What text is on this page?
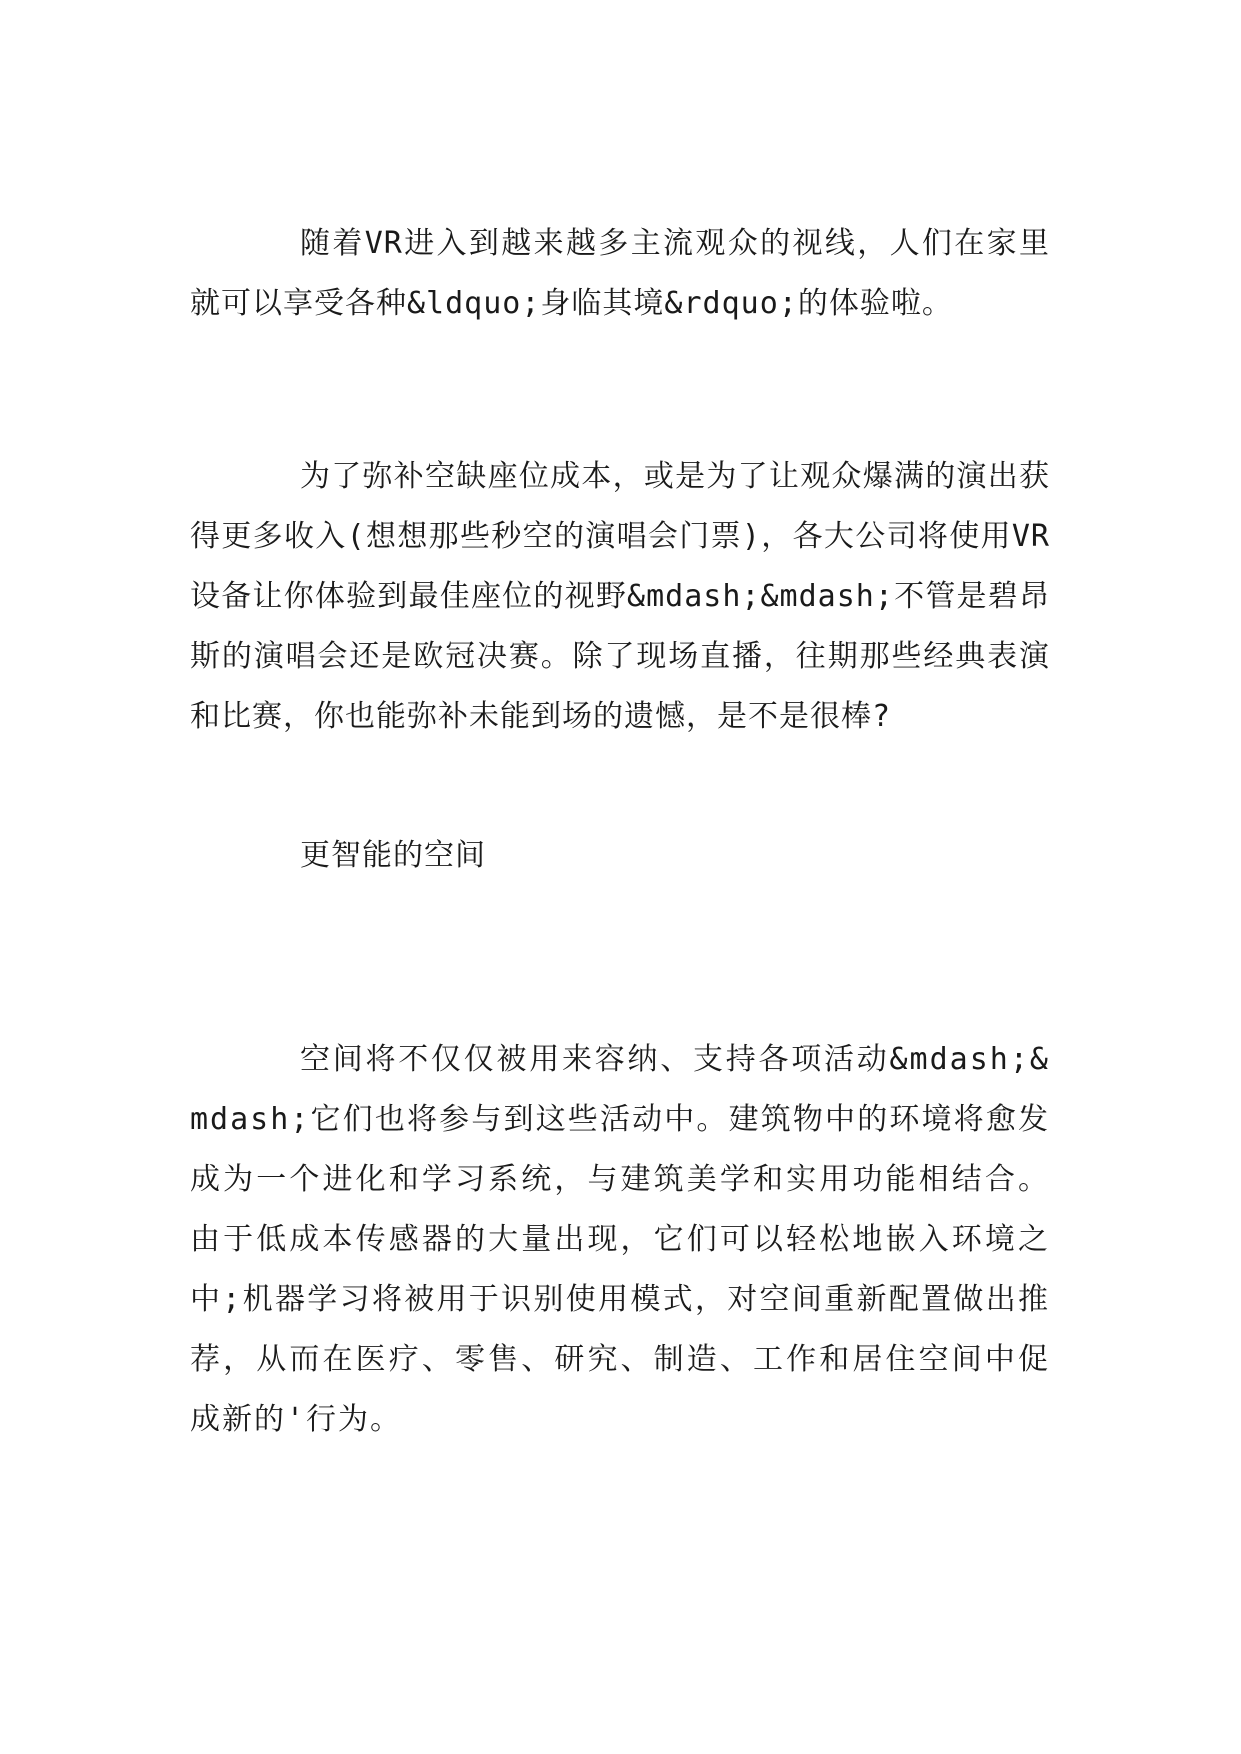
随着VR进入到越来越多主流观众的视线，人们在家里就可以享受各种&ldquo;身临其境&rdquo;的体验啦。

为了弥补空缺座位成本，或是为了让观众爆满的演出获得更多收入(想想那些秒空的演唱会门票)，各大公司将使用VR设备让你体验到最佳座位的视野&mdash;&mdash;不管是碧昂斯的演唱会还是欧冠决赛。除了现场直播，往期那些经典表演和比赛，你也能弥补未能到场的遗憾，是不是很棒?

更智能的空间

空间将不仅仅被用来容纳、支持各项活动&mdash;&mdash;它们也将参与到这些活动中。建筑物中的环境将愈发成为一个进化和学习系统，与建筑美学和实用功能相结合。由于低成本传感器的大量出现，它们可以轻松地嵌入环境之中;机器学习将被用于识别使用模式，对空间重新配置做出推荐，从而在医疗、零售、研究、制造、工作和居住空间中促成新的'行为。
